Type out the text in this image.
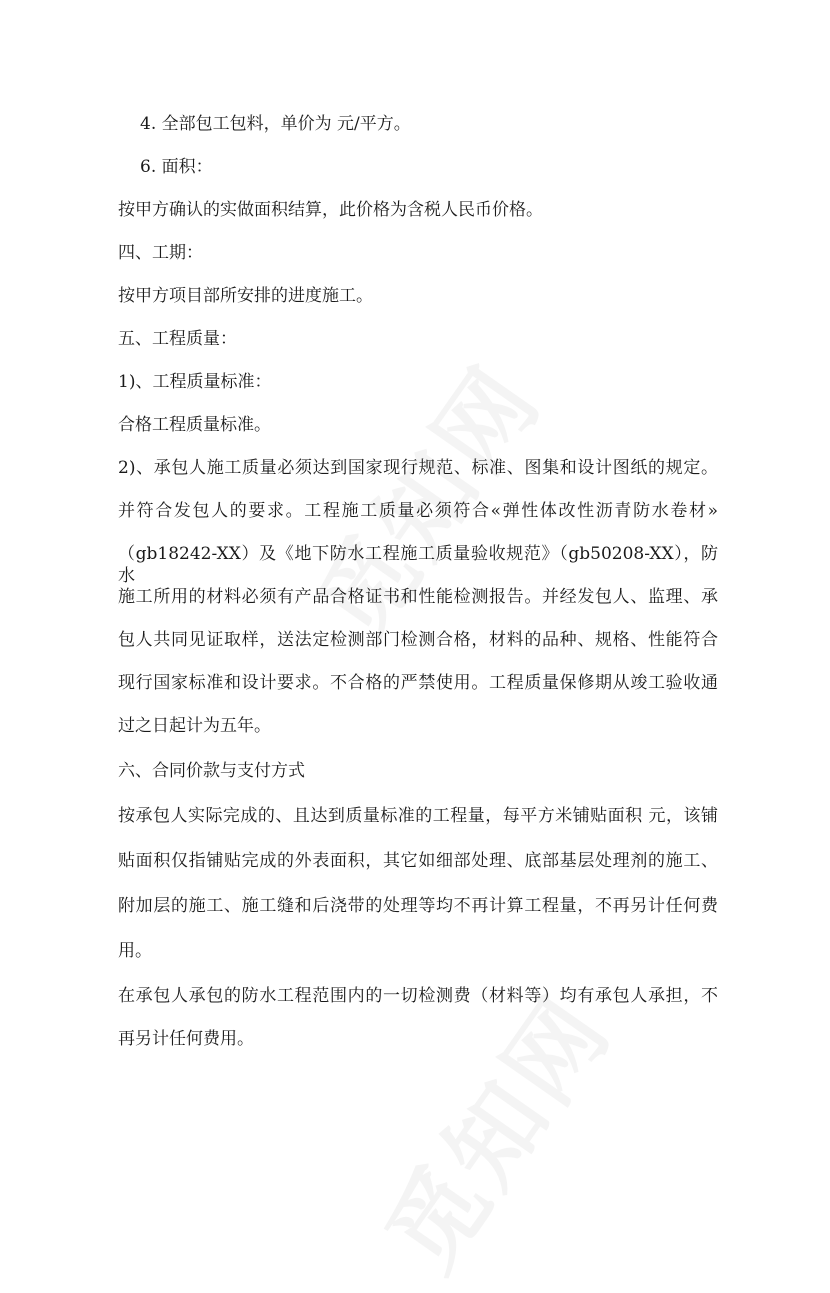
4. 全部包工包料，单价为 元/平方。
6. 面积：
按甲方确认的实做面积结算，此价格为含税人民币价格。
四、工期：
按甲方项目部所安排的进度施工。
五、工程质量：
1)、工程质量标准：
合格工程质量标准。
2)、承包人施工质量必须达到国家现行规范、标准、图集和设计图纸的规定。
并符合发包人的要求。工程施工质量必须符合«弹性体改性沥青防水卷材»
（gb18242-XX）及《地下防水工程施工质量验收规范》（gb50208-XX），防水
施工所用的材料必须有产品合格证书和性能检测报告。并经发包人、监理、承
包人共同见证取样，送法定检测部门检测合格，材料的品种、规格、性能符合
现行国家标准和设计要求。不合格的严禁使用。工程质量保修期从竣工验收通
过之日起计为五年。
六、合同价款与支付方式
按承包人实际完成的、且达到质量标准的工程量，每平方米铺贴面积 元，该铺
贴面积仅指铺贴完成的外表面积，其它如细部处理、底部基层处理剂的施工、
附加层的施工、施工缝和后浇带的处理等均不再计算工程量，不再另计任何费
用。
在承包人承包的防水工程范围内的一切检测费（材料等）均有承包人承担，不
再另计任何费用。
